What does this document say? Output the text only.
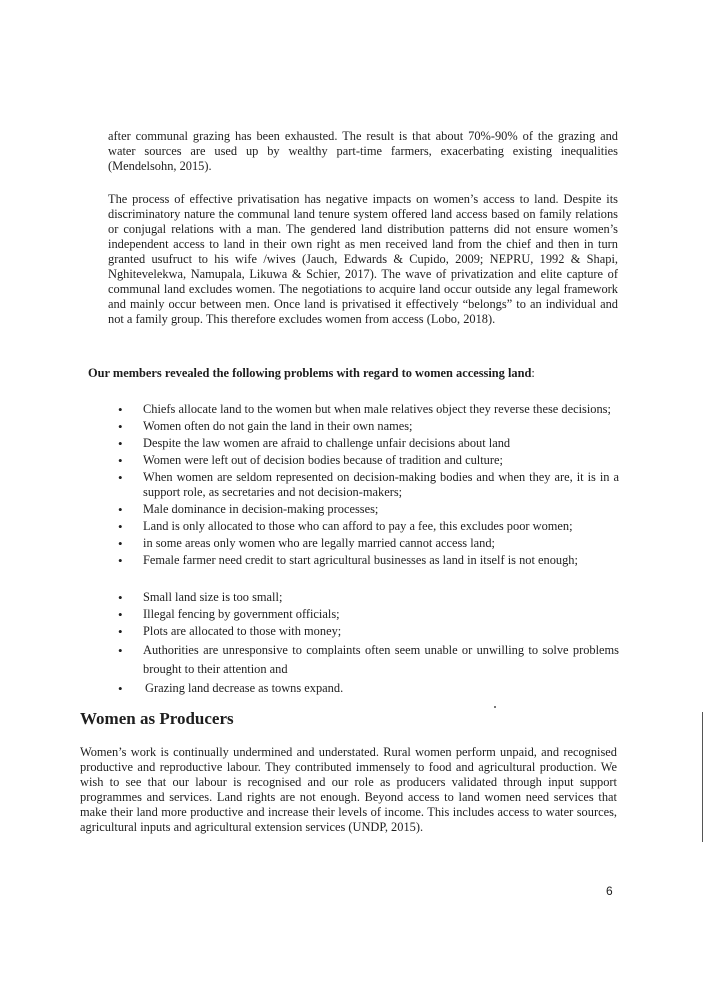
after communal grazing has been exhausted. The result is that about 70%-90% of the grazing and water sources are used up by wealthy part-time farmers, exacerbating existing inequalities (Mendelsohn, 2015).

The process of effective privatisation has negative impacts on women’s access to land. Despite its discriminatory nature the communal land tenure system offered land access based on family relations or conjugal relations with a man. The gendered land distribution patterns did not ensure women’s independent access to land in their own right as men received land from the chief and then in turn granted usufruct to his wife /wives (Jauch, Edwards & Cupido, 2009; NEPRU, 1992 & Shapi, Nghitevelekwa, Namupala, Likuwa & Schier, 2017). The wave of privatization and elite capture of communal land excludes women. The negotiations to acquire land occur outside any legal framework and mainly occur between men. Once land is privatised it effectively “belongs” to an individual and not a family group. This therefore excludes women from access (Lobo, 2018).

Our members revealed the following problems with regard to women accessing land:

• Chiefs allocate land to the women but when male relatives object they reverse these decisions;
• Women often do not gain the land in their own names;
• Despite the law women are afraid to challenge unfair decisions about land
• Women were left out of decision bodies because of tradition and culture;
• When women are seldom represented on decision-making bodies and when they are, it is in a support role, as secretaries and not decision-makers;
• Male dominance in decision-making processes;
• Land is only allocated to those who can afford to pay a fee, this excludes poor women;
• in some areas only women who are legally married cannot access land;
• Female farmer need credit to start agricultural businesses as land in itself is not enough;
• Small land size is too small;
• Illegal fencing by government officials;
• Plots are allocated to those with money;
• Authorities are unresponsive to complaints often seem unable or unwilling to solve problems brought to their attention and
• Grazing land decrease as towns expand.
Women as Producers

Women’s work is continually undermined and understated. Rural women perform unpaid, and recognised productive and reproductive labour. They contributed immensely to food and agricultural production. We wish to see that our labour is recognised and our role as producers validated through input support programmes and services. Land rights are not enough. Beyond access to land women need services that make their land more productive and increase their levels of income. This includes access to water sources, agricultural inputs and agricultural extension services (UNDP, 2015).

6
